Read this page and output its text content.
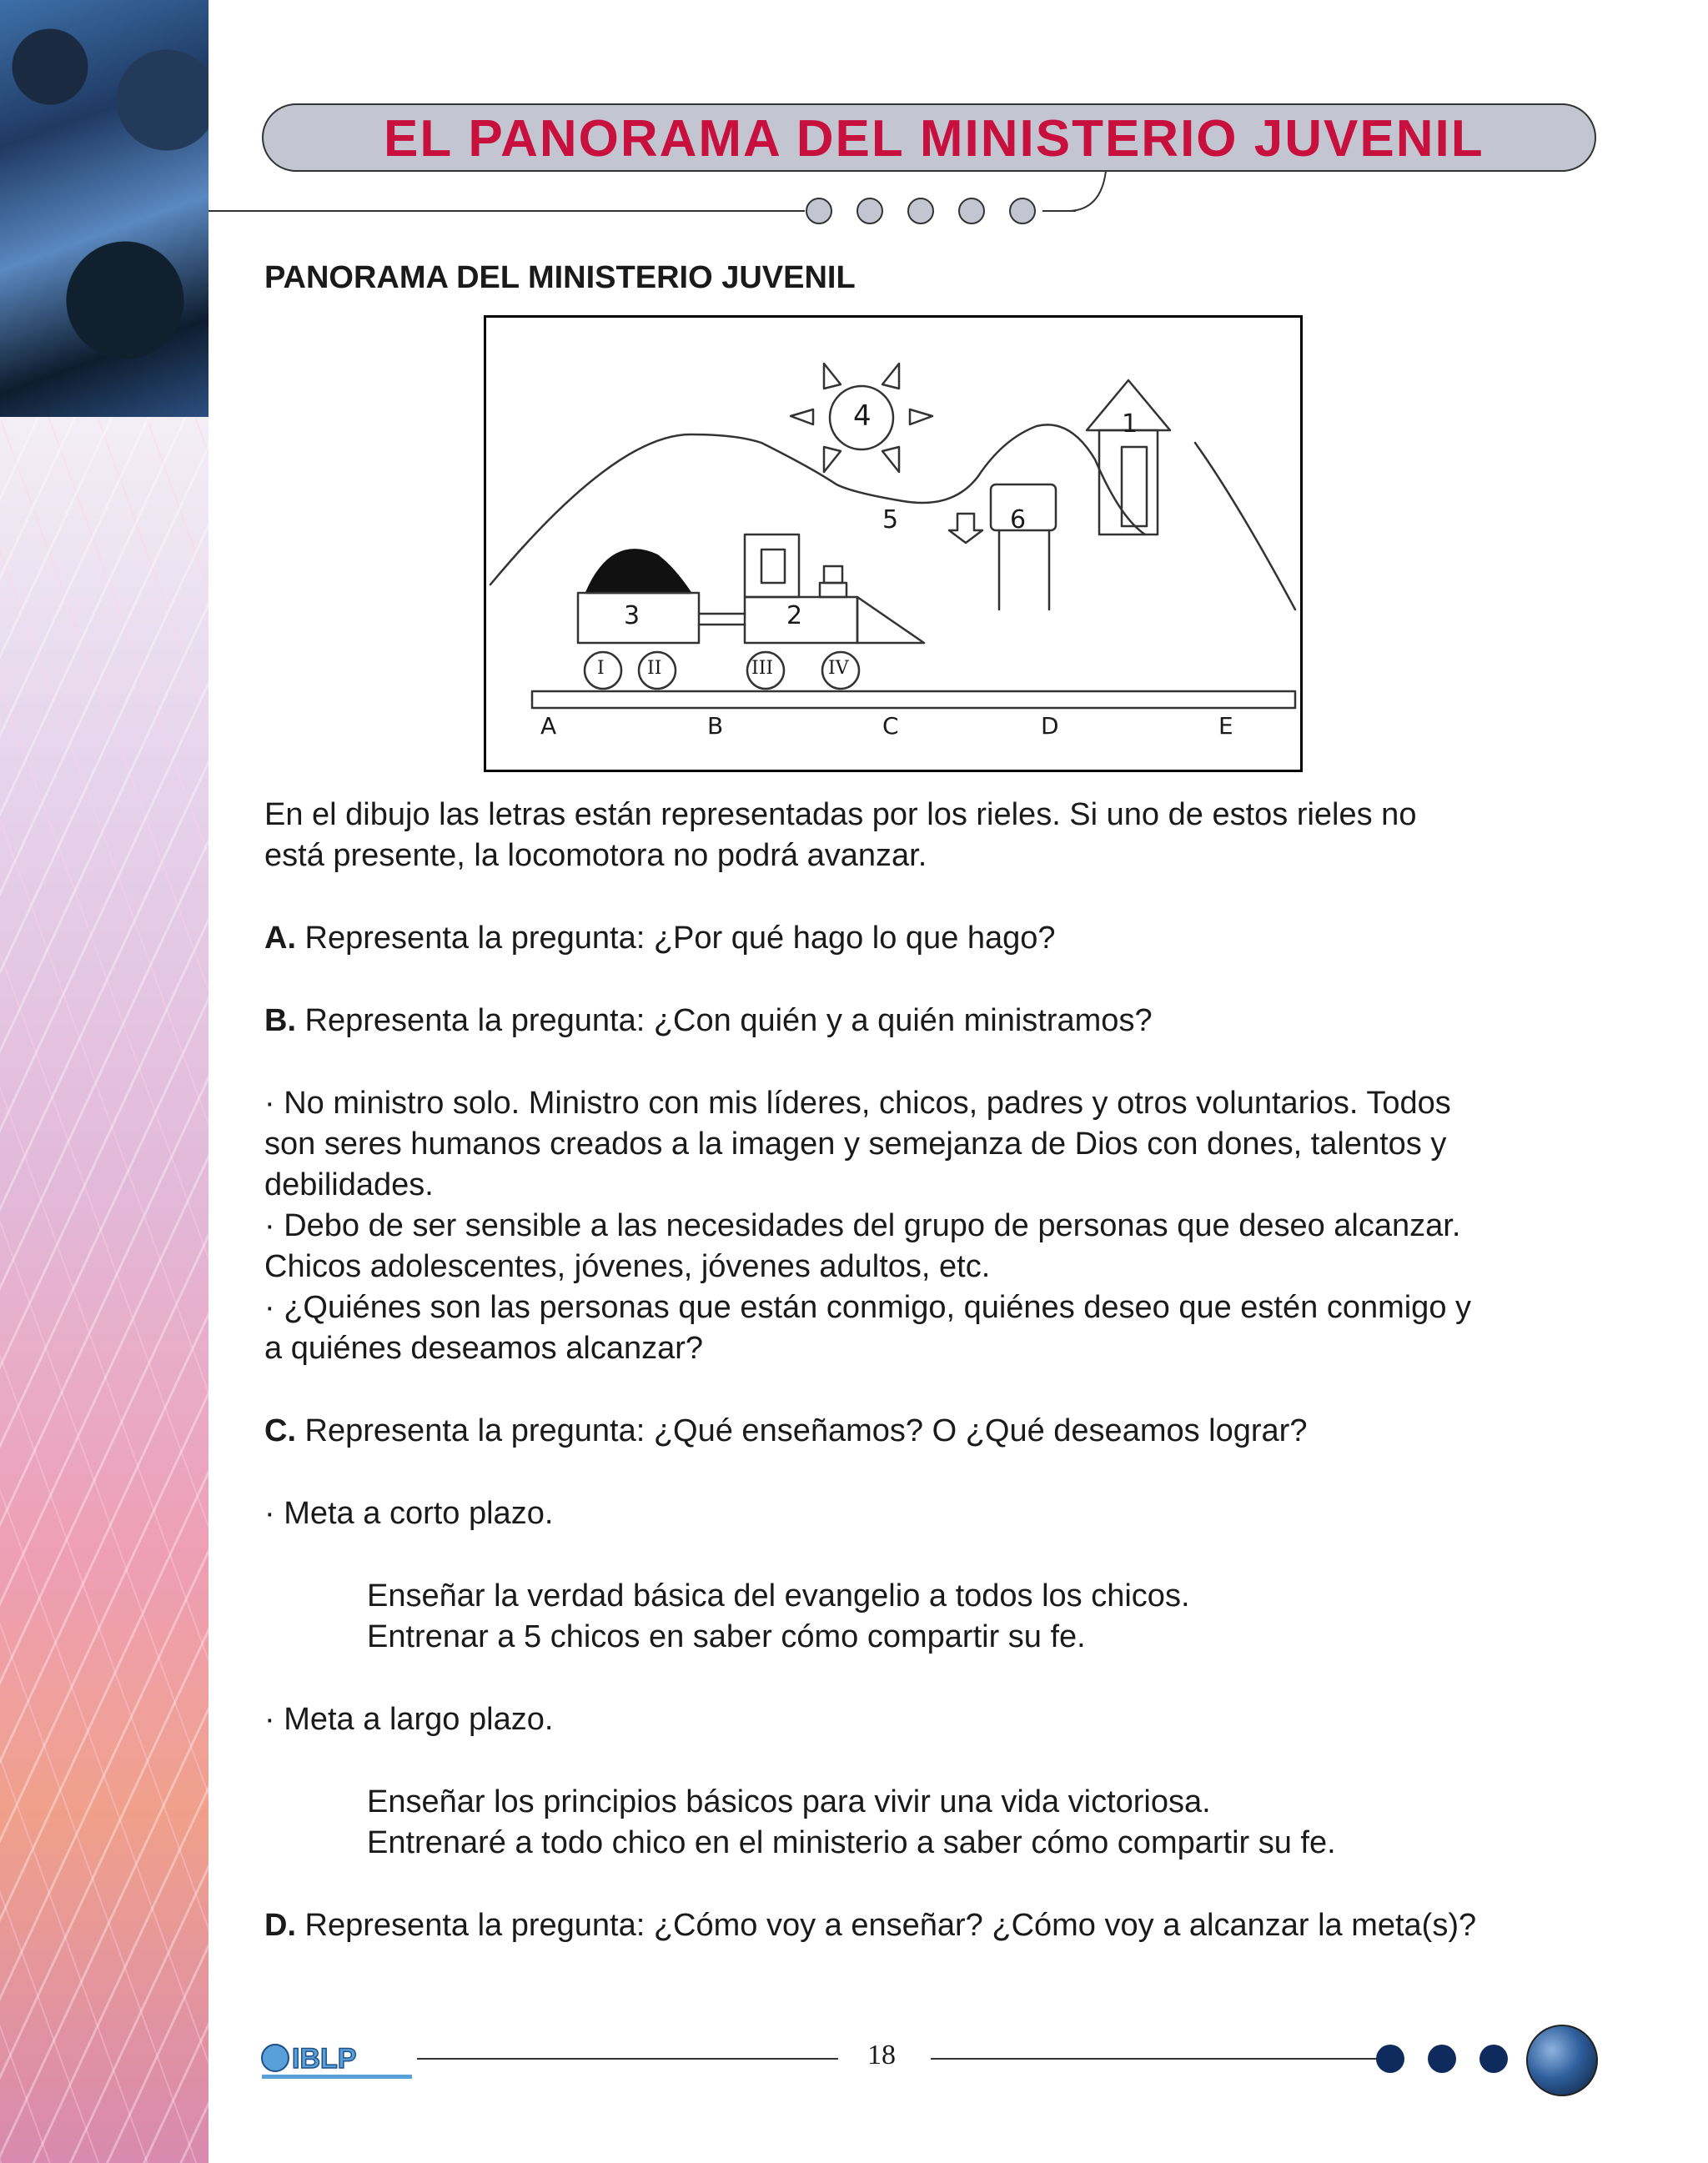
EL PANORAMA DEL MINISTERIO JUVENIL
PANORAMA DEL MINISTERIO JUVENIL
4	1
5	6
3	2
I II	III	IV
A	B	C	D	E
En el dibujo las letras están representadas por los rieles. Si uno de estos rieles no
está presente, la locomotora no podrá avanzar.
A. Representa la pregunta: ¿Por qué hago lo que hago?
B. Representa la pregunta: ¿Con quién y a quién ministramos?
· No ministro solo. Ministro con mis líderes, chicos, padres y otros voluntarios. Todos
son seres humanos creados a la imagen y semejanza de Dios con dones, talentos y
debilidades.
· Debo de ser sensible a las necesidades del grupo de personas que deseo alcanzar.
Chicos adolescentes, jóvenes, jóvenes adultos, etc.
· ¿Quiénes son las personas que están conmigo, quiénes deseo que estén conmigo y
a quiénes deseamos alcanzar?
C. Representa la pregunta: ¿Qué enseñamos? O ¿Qué deseamos lograr?
· Meta a corto plazo.
Enseñar la verdad básica del evangelio a todos los chicos.
Entrenar a 5 chicos en saber cómo compartir su fe.
· Meta a largo plazo.
Enseñar los principios básicos para vivir una vida victoriosa.
Entrenaré a todo chico en el ministerio a saber cómo compartir su fe.
D. Representa la pregunta: ¿Cómo voy a enseñar? ¿Cómo voy a alcanzar la meta(s)?
IBLP	18
